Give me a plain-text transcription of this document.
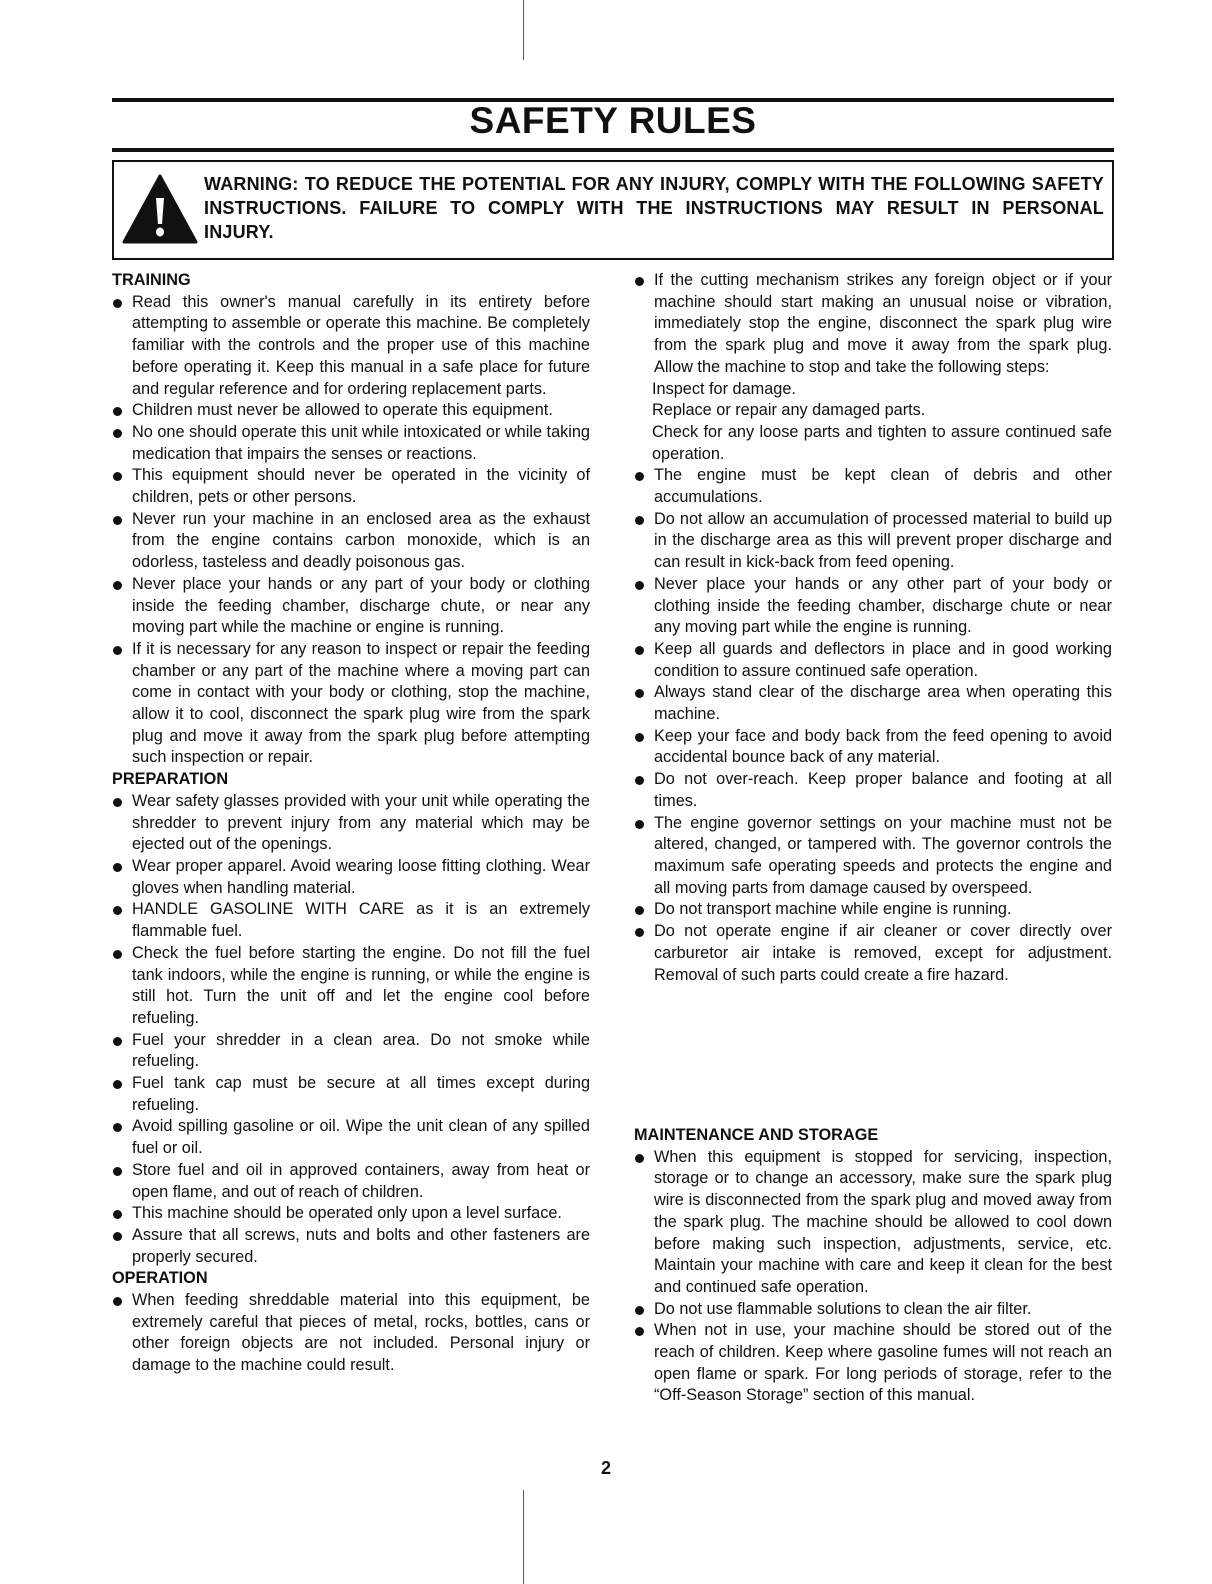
SAFETY RULES
WARNING: TO REDUCE THE POTENTIAL FOR ANY INJURY, COMPLY WITH THE FOLLOWING SAFETY INSTRUCTIONS. FAILURE TO COMPLY WITH THE INSTRUCTIONS MAY RESULT IN PERSONAL INJURY.
TRAINING
Read this owner's manual carefully in its entirety before attempting to assemble or operate this machine. Be completely familiar with the controls and the proper use of this machine before operating it. Keep this manual in a safe place for future and regular reference and for ordering replacement parts.
Children must never be allowed to operate this equipment.
No one should operate this unit while intoxicated or while taking medication that impairs the senses or reactions.
This equipment should never be operated in the vicinity of children, pets or other persons.
Never run your machine in an enclosed area as the exhaust from the engine contains carbon monoxide, which is an odorless, tasteless and deadly poisonous gas.
Never place your hands or any part of your body or clothing inside the feeding chamber, discharge chute, or near any moving part while the machine or engine is running.
If it is necessary for any reason to inspect or repair the feeding chamber or any part of the machine where a moving part can come in contact with your body or clothing, stop the machine, allow it to cool, disconnect the spark plug wire from the spark plug and move it away from the spark plug before attempting such inspection or repair.
PREPARATION
Wear safety glasses provided with your unit while operating the shredder to prevent injury from any material which may be ejected out of the openings.
Wear proper apparel. Avoid wearing loose fitting clothing. Wear gloves when handling material.
HANDLE GASOLINE WITH CARE as it is an extremely flammable fuel.
Check the fuel before starting the engine. Do not fill the fuel tank indoors, while the engine is running, or while the engine is still hot. Turn the unit off and let the engine cool before refueling.
Fuel your shredder in a clean area. Do not smoke while refueling.
Fuel tank cap must be secure at all times except during refueling.
Avoid spilling gasoline or oil. Wipe the unit clean of any spilled fuel or oil.
Store fuel and oil in approved containers, away from heat or open flame, and out of reach of children.
This machine should be operated only upon a level surface.
Assure that all screws, nuts and bolts and other fasteners are properly secured.
OPERATION
When feeding shreddable material into this equipment, be extremely careful that pieces of metal, rocks, bottles, cans or other foreign objects are not included. Personal injury or damage to the machine could result.
If the cutting mechanism strikes any foreign object or if your machine should start making an unusual noise or vibration, immediately stop the engine, disconnect the spark plug wire from the spark plug and move it away from the spark plug. Allow the machine to stop and take the following steps:
Inspect for damage.
Replace or repair any damaged parts.
Check for any loose parts and tighten to assure continued safe operation.
The engine must be kept clean of debris and other accumulations.
Do not allow an accumulation of processed material to build up in the discharge area as this will prevent proper discharge and can result in kick-back from feed opening.
Never place your hands or any other part of your body or clothing inside the feeding chamber, discharge chute or near any moving part while the engine is running.
Keep all guards and deflectors in place and in good working condition to assure continued safe operation.
Always stand clear of the discharge area when operating this machine.
Keep your face and body back from the feed opening to avoid accidental bounce back of any material.
Do not over-reach. Keep proper balance and footing at all times.
The engine governor settings on your machine must not be altered, changed, or tampered with. The governor controls the maximum safe operating speeds and protects the engine and all moving parts from damage caused by overspeed.
Do not transport machine while engine is running.
Do not operate engine if air cleaner or cover directly over carburetor air intake is removed, except for adjustment. Removal of such parts could create a fire hazard.
MAINTENANCE AND STORAGE
When this equipment is stopped for servicing, inspection, storage or to change an accessory, make sure the spark plug wire is disconnected from the spark plug and moved away from the spark plug. The machine should be allowed to cool down before making such inspection, adjustments, service, etc. Maintain your machine with care and keep it clean for the best and continued safe operation.
Do not use flammable solutions to clean the air filter.
When not in use, your machine should be stored out of the reach of children. Keep where gasoline fumes will not reach an open flame or spark. For long periods of storage, refer to the “Off-Season Storage” section of this manual.
2
